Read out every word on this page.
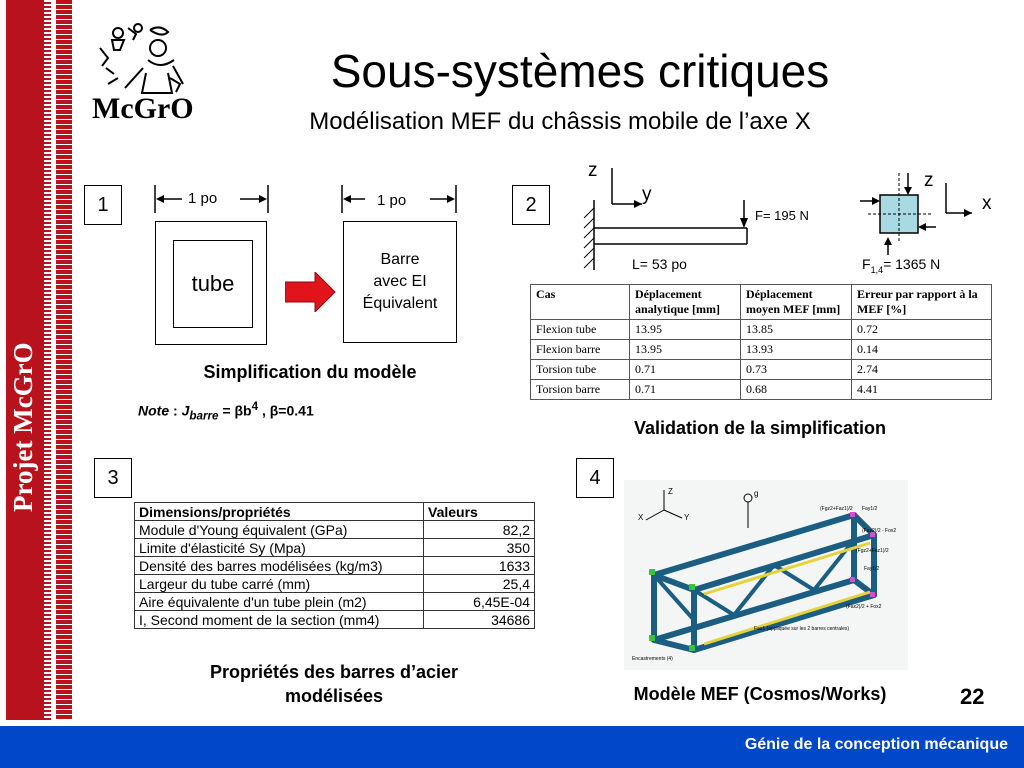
Projet McGrO
McGrO
Sous-systèmes critiques
Modélisation MEF du châssis mobile de l’axe X
1	1 po	1 po
tube
Barre
avec EI
Équivalent
Simplification du modèle
Note : $J_{barre} = \beta b^4$ , β=0.41
2
z
y
F= 195 N
L= 53 po
z
x
$F_{1,4}= 1365$ N
Cas	Déplacement analytique [mm]	Déplacement moyen MEF [mm]	Erreur par rapport à la MEF [%]
Flexion tube	13.95	13.85	0.72
Flexion barre	13.95	13.93	0.14
Torsion tube	0.71	0.73	2.74
Torsion barre	0.71	0.68	4.41
Validation de la simplification
3
Dimensions/propriétés	Valeurs
Module d'Young équivalent (GPa)	82,2
Limite d'élasticité Sy (Mpa)	350
Densité des barres modélisées (kg/m3)	1633
Largeur du tube carré (mm)	25,4
Aire équivalente d'un tube plein (m2)	6,45E-04
I, Second moment de la section (mm4)	34686
Propriétés des barres d’acier
modélisées
4
Z
X	Y
g
(Fgz2+Faz1)/2 Fay1/2
(Fay2)/2 - Fox2
(Fgz2+Faz1)/2
Fay1/2
(Fax2)/2 + Fox2
Fax1 (appliquée sur les 2 barres centrales)
Encastrements (4)
Modèle MEF (Cosmos/Works)	22
Génie de la conception mécanique
